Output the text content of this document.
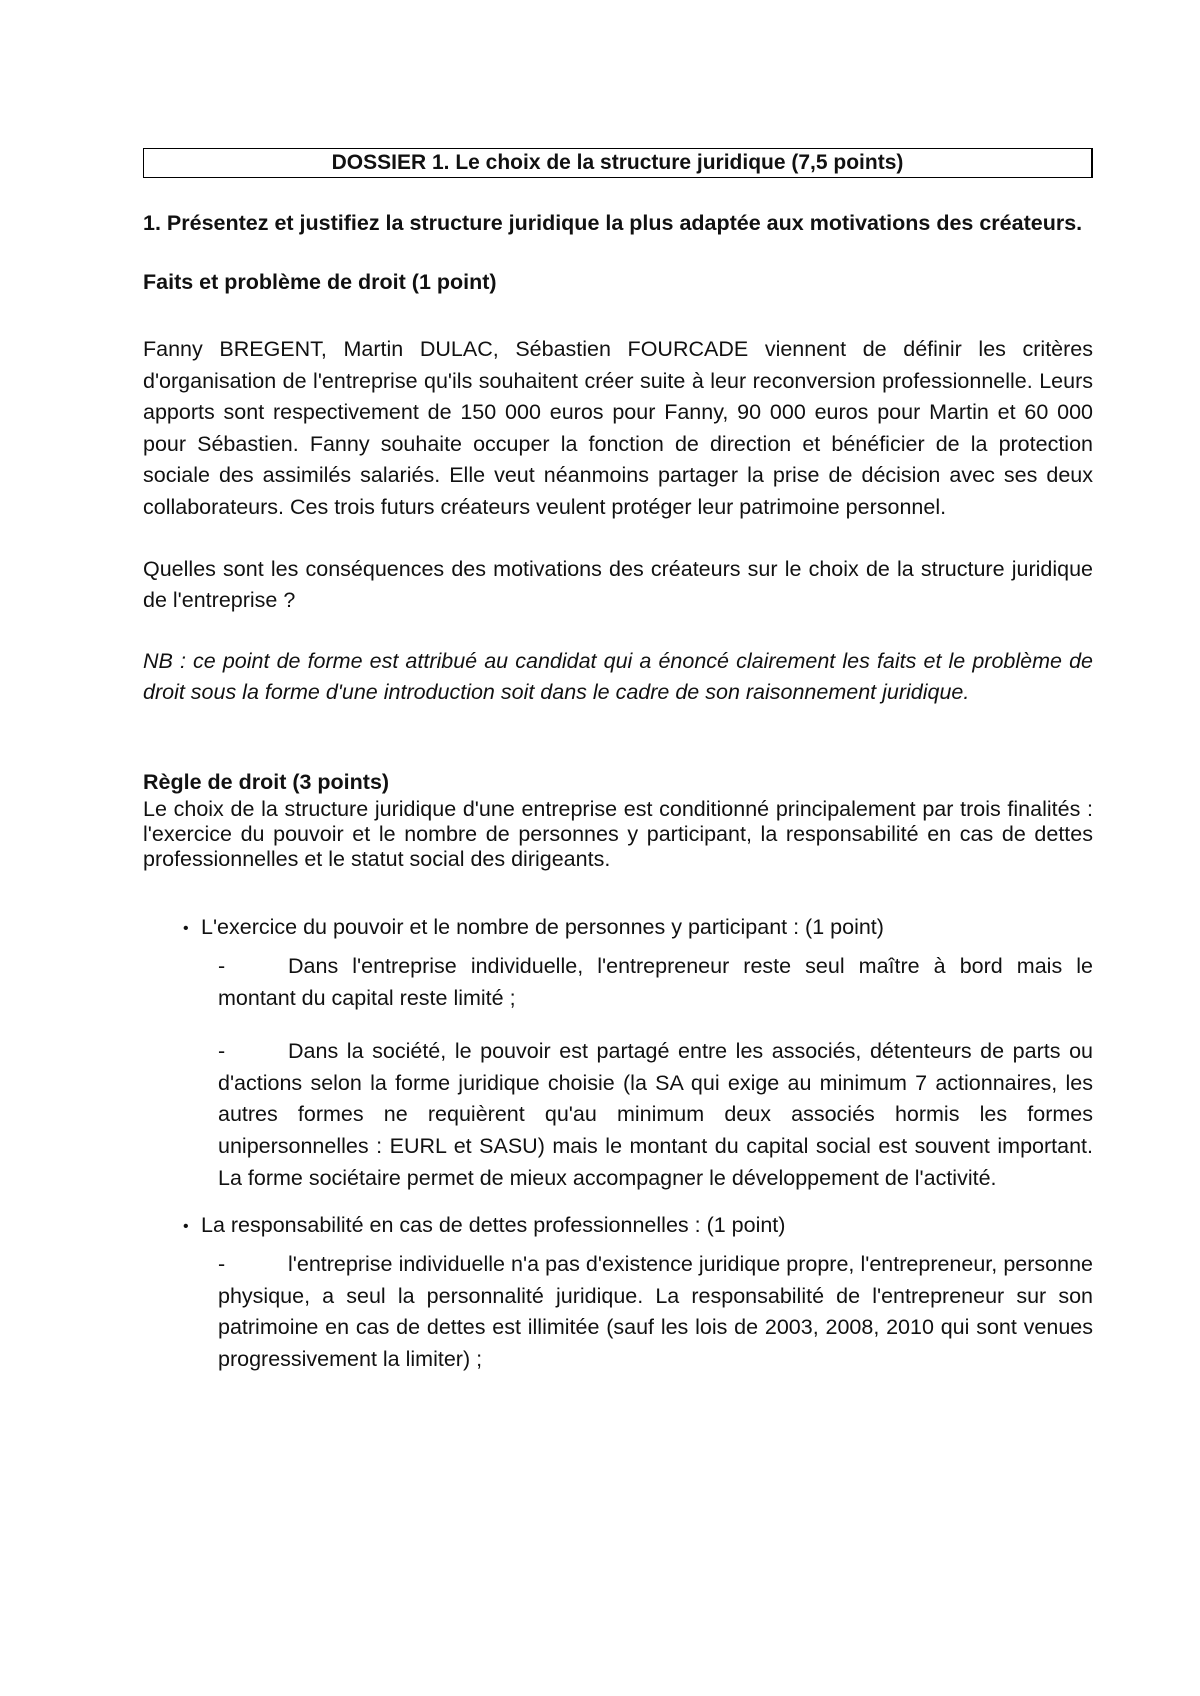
DOSSIER 1. Le choix de la structure juridique (7,5 points)
1. Présentez et justifiez la structure juridique la plus adaptée aux motivations des créateurs.
Faits et problème de droit (1 point)
Fanny BREGENT, Martin DULAC, Sébastien FOURCADE viennent de définir les critères d'organisation de l'entreprise qu'ils souhaitent créer suite à leur reconversion professionnelle. Leurs apports sont respectivement de 150 000 euros pour Fanny, 90 000 euros pour Martin et 60 000 pour Sébastien. Fanny souhaite occuper la fonction de direction et bénéficier de la protection sociale des assimilés salariés. Elle veut néanmoins partager la prise de décision avec ses deux collaborateurs. Ces trois futurs créateurs veulent protéger leur patrimoine personnel.
Quelles sont les conséquences des motivations des créateurs sur le choix de la structure juridique de l'entreprise ?
NB : ce point de forme est attribué au candidat qui a énoncé clairement les faits et le problème de droit sous la forme d'une introduction soit dans le cadre de son raisonnement juridique.
Règle de droit (3 points)
Le choix de la structure juridique d'une entreprise est conditionné principalement par trois finalités : l'exercice du pouvoir et le nombre de personnes y participant, la responsabilité en cas de dettes professionnelles et le statut social des dirigeants.
• L'exercice du pouvoir et le nombre de personnes y participant : (1 point)
-	Dans l'entreprise individuelle, l'entrepreneur reste seul maître à bord mais le montant du capital reste limité ;
-	Dans la société, le pouvoir est partagé entre les associés, détenteurs de parts ou d'actions selon la forme juridique choisie (la SA qui exige au minimum 7 actionnaires, les autres formes ne requièrent qu'au minimum deux associés hormis les formes unipersonnelles : EURL et SASU) mais le montant du capital social est souvent important. La forme sociétaire permet de mieux accompagner le développement de l'activité.
• La responsabilité en cas de dettes professionnelles : (1 point)
-	l'entreprise individuelle n'a pas d'existence juridique propre, l'entrepreneur, personne physique, a seul la personnalité juridique. La responsabilité de l'entrepreneur sur son patrimoine en cas de dettes est illimitée (sauf les lois de 2003, 2008, 2010 qui sont venues progressivement la limiter) ;
